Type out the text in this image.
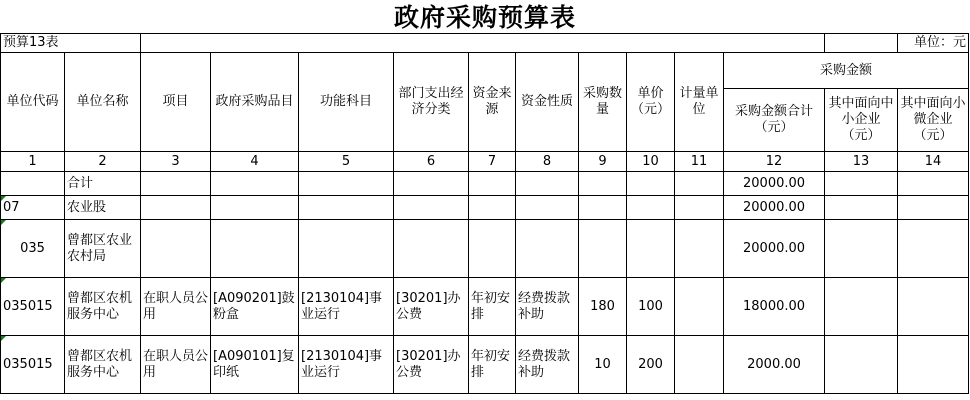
政府采购预算表
预算13表													单位：元
单位代码	单位名称	项目	政府采购品目	功能科目	部门支出经济分类	资金来源	资金性质	采购数量	单价（元）	计量单位	采购金额		
											采购金额合计（元）	其中面向中小企业（元）	其中面向小微企业（元）
1	2	3	4	5	6	7	8	9	10	11	12	13	14
	合计										20000.00		
07	农业股										20000.00		
035	曾都区农业农村局										20000.00		
035015	曾都区农机服务中心	在职人员公用	[A090201]鼓粉盒	[2130104]事业运行	[30201]办公费	年初安排	经费拨款补助	180	100		18000.00		
035015	曾都区农机服务中心	在职人员公用	[A090101]复印纸	[2130104]事业运行	[30201]办公费	年初安排	经费拨款补助	10	200		2000.00		
